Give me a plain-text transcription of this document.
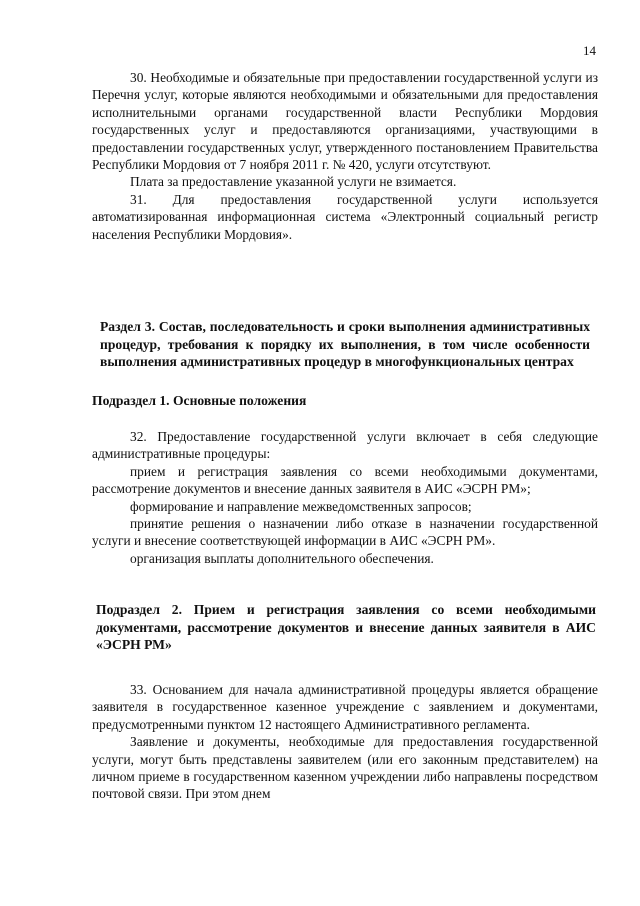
14

30. Необходимые и обязательные при предоставлении государственной услуги из Перечня услуг, которые являются необходимыми и обязательными для предоставления исполнительными органами государственной власти Республики Мордовия государственных услуг и предоставляются организациями, участвующими в предоставлении государственных услуг, утвержденного постановлением Правительства Республики Мордовия от 7 ноября 2011 г. № 420, услуги отсутствуют.

Плата за предоставление указанной услуги не взимается.

31. Для предоставления государственной услуги используется автоматизированная информационная система «Электронный социальный регистр населения Республики Мордовия».

Раздел 3. Состав, последовательность и сроки выполнения административных процедур, требования к порядку их выполнения, в том числе особенности выполнения административных процедур в многофункциональных центрах

Подраздел 1. Основные положения

32. Предоставление государственной услуги включает в себя следующие административные процедуры:

прием и регистрация заявления со всеми необходимыми документами, рассмотрение документов и внесение данных заявителя в АИС «ЭСРН РМ»;

формирование и направление межведомственных запросов;

принятие решения о назначении либо отказе в назначении государственной услуги и внесение соответствующей информации в АИС «ЭСРН РМ».

организация выплаты дополнительного обеспечения.

Подраздел 2. Прием и регистрация заявления со всеми необходимыми документами, рассмотрение документов и внесение данных заявителя в АИС «ЭСРН РМ»

33. Основанием для начала административной процедуры является обращение заявителя в государственное казенное учреждение с заявлением и документами, предусмотренными пунктом 12 настоящего Административного регламента.

Заявление и документы, необходимые для предоставления государственной услуги, могут быть представлены заявителем (или его законным представителем) на личном приеме в государственном казенном учреждении либо направлены посредством почтовой связи. При этом днем
